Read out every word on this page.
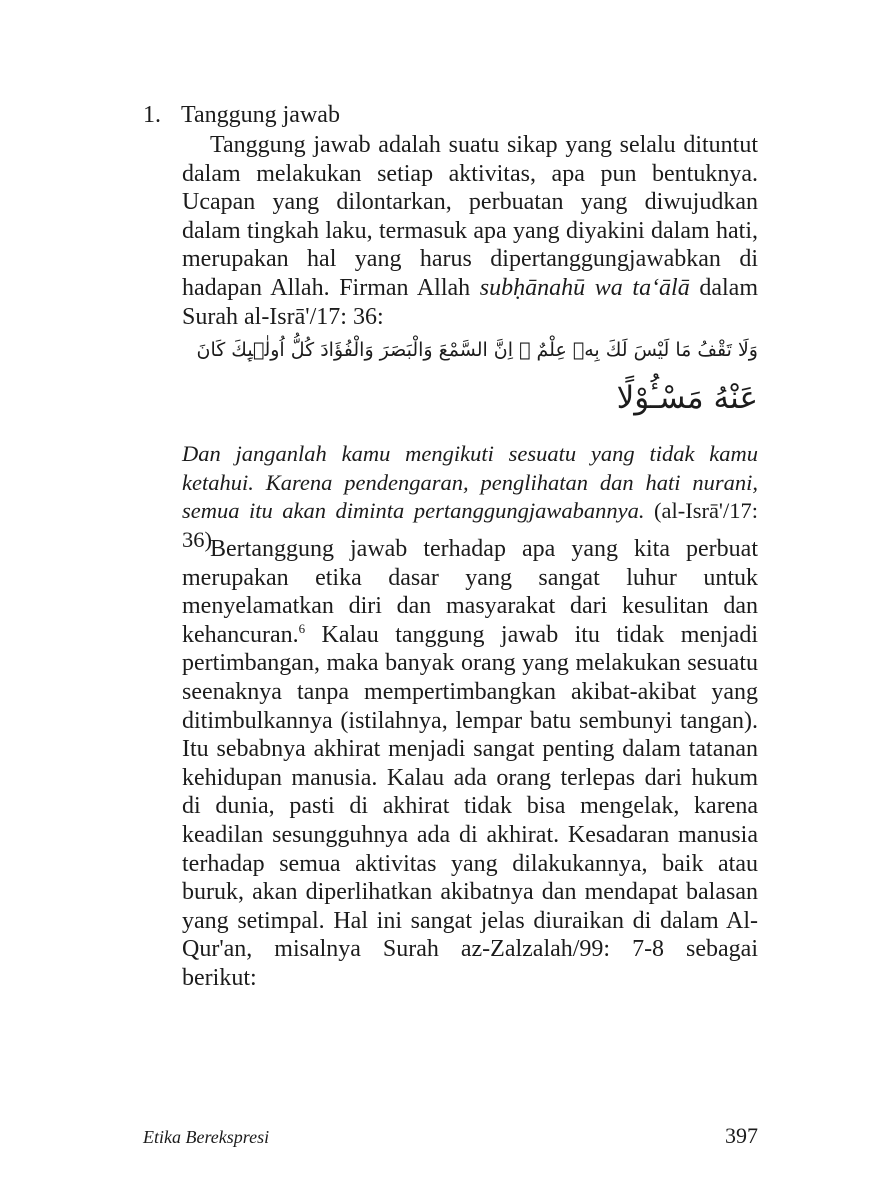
1. Tanggung jawab

Tanggung jawab adalah suatu sikap yang selalu dituntut dalam melakukan setiap aktivitas, apa pun bentuknya. Ucapan yang dilontarkan, perbuatan yang diwujudkan dalam tingkah laku, termasuk apa yang diyakini dalam hati, merupakan hal yang harus dipertanggungjawabkan di hadapan Allah. Firman Allah subḥānahū wa ta‘ālā dalam Surah al-Isrā'/17: 36:

وَلَا تَقْفُ مَا لَيْسَ لَكَ بِهٖ عِلْمٌ ۗ اِنَّ السَّمْعَ وَالْبَصَرَ وَالْفُؤَادَ كُلُّ اُولٰۤىِٕكَ كَانَ
عَنْهُ مَسْـُٔوْلًا

Dan janganlah kamu mengikuti sesuatu yang tidak kamu ketahui. Karena pendengaran, penglihatan dan hati nurani, semua itu akan diminta pertanggungjawabannya. (al-Isrā'/17: 36)

Bertanggung jawab terhadap apa yang kita perbuat merupakan etika dasar yang sangat luhur untuk menyelamatkan diri dan masyarakat dari kesulitan dan kehancuran.$^6$ Kalau tanggung jawab itu tidak menjadi pertimbangan, maka banyak orang yang melakukan sesuatu seenaknya tanpa mempertimbangkan akibat-akibat yang ditimbulkannya (istilahnya, lempar batu sembunyi tangan). Itu sebabnya akhirat menjadi sangat penting dalam tatanan kehidupan manusia. Kalau ada orang terlepas dari hukum di dunia, pasti di akhirat tidak bisa mengelak, karena keadilan sesungguhnya ada di akhirat. Kesadaran manusia terhadap semua aktivitas yang dilakukannya, baik atau buruk, akan diperlihatkan akibatnya dan mendapat balasan yang setimpal. Hal ini sangat jelas diuraikan di dalam Al-Qur'an, misalnya Surah az-Zalzalah/99: 7-8 sebagai berikut:

Etika Berekspresi	397
